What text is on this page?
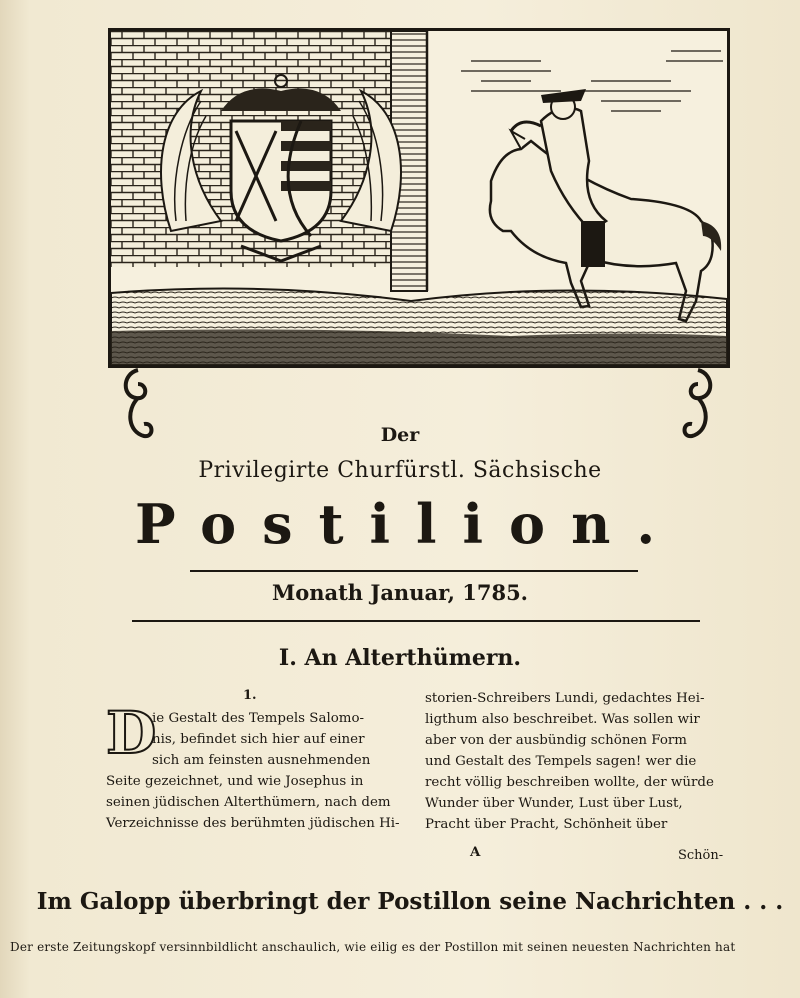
Der
Privilegirte Churfürstl. Sächsische
Postilion.
Monath Januar, 1785.
I. An Alterthümern.
1.
D
ie Gestalt des Tempels Salomo-
nis, befindet sich hier auf einer
sich am feinsten ausnehmenden
Seite gezeichnet, und wie Josephus in
seinen jüdischen Alterthümern, nach dem
Verzeichnisse des berühmten jüdischen Hi-
storien-Schreibers Lundi, gedachtes Hei-
ligthum also beschreibet. Was sollen wir
aber von der ausbündig schönen Form
und Gestalt des Tempels sagen! wer die
recht völlig beschreiben wollte, der würde
Wunder über Wunder, Lust über Lust,
Pracht über Pracht, Schönheit über
A	Schön-
Im Galopp überbringt der Postillon seine Nachrichten . . .
Der erste Zeitungskopf versinnbildlicht anschaulich, wie eilig es der Postillon mit seinen neuesten Nachrichten hat
